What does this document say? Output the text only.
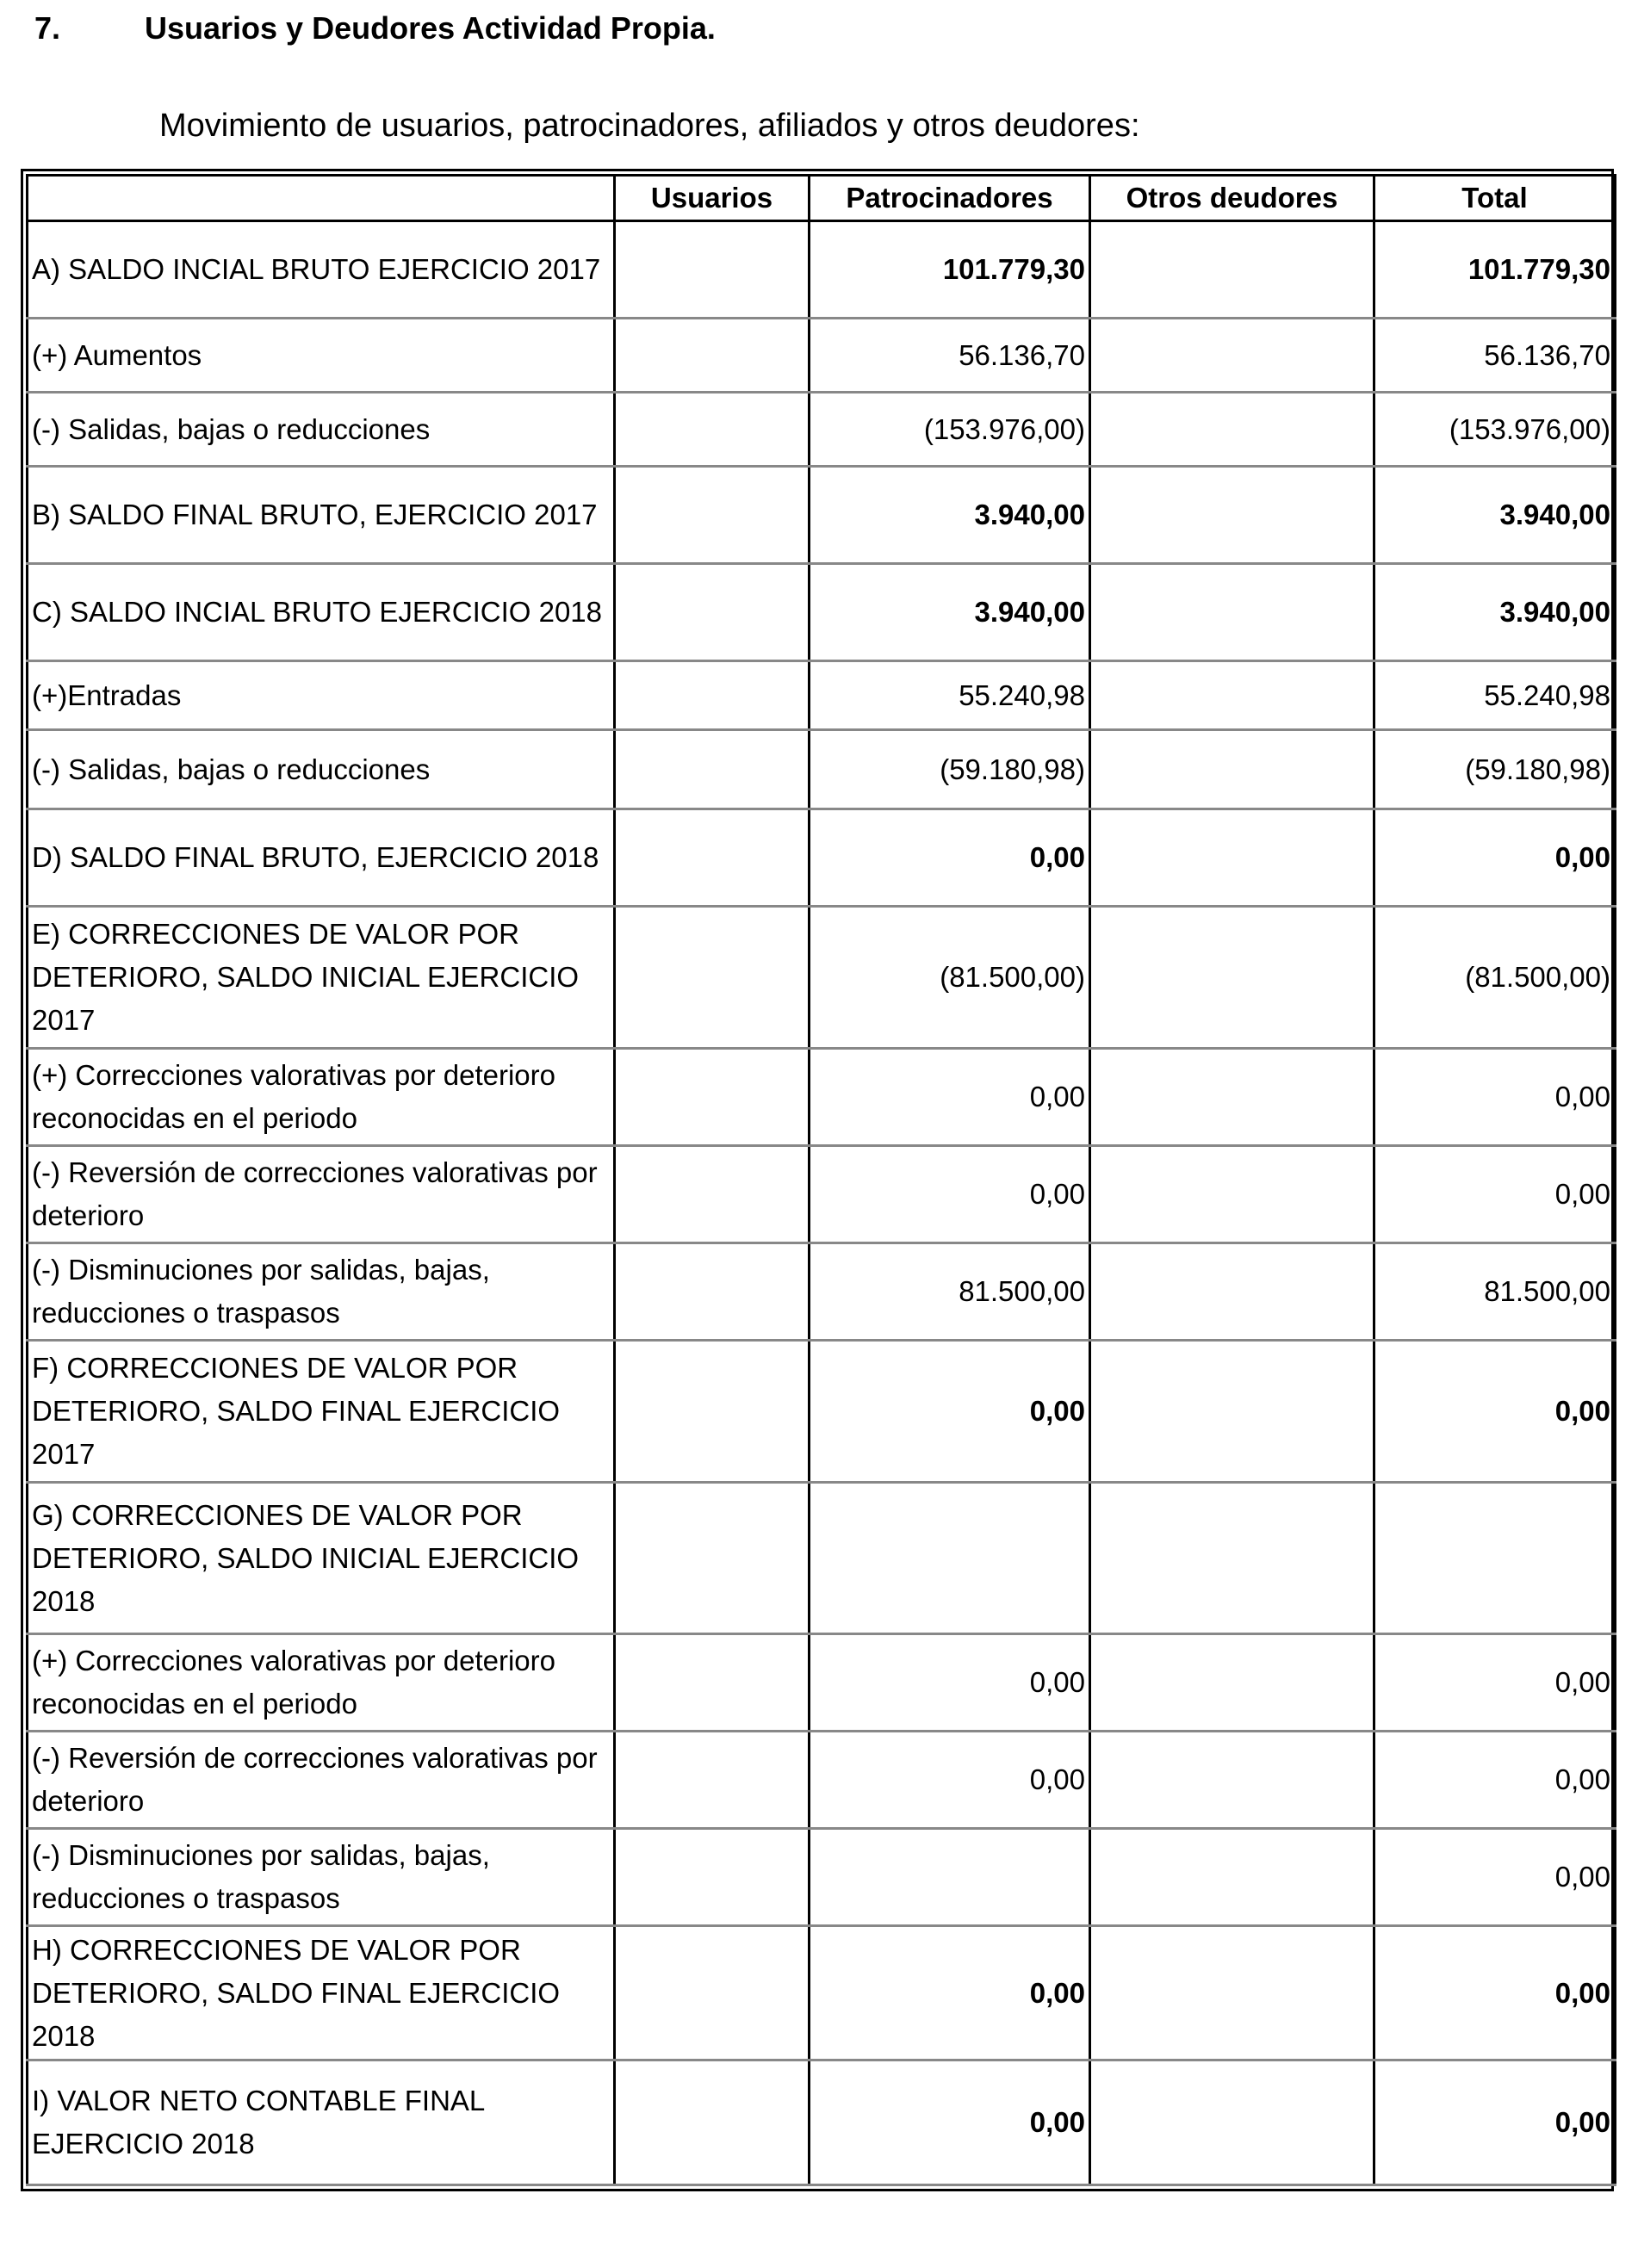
7.	Usuarios y Deudores Actividad Propia.
Movimiento de usuarios, patrocinadores, afiliados y otros deudores:
	Usuarios	Patrocinadores	Otros deudores	Total
A) SALDO INCIAL BRUTO EJERCICIO 2017		101.779,30		101.779,30
(+) Aumentos		56.136,70		56.136,70
(-) Salidas, bajas o reducciones		(153.976,00)		(153.976,00)
B) SALDO FINAL BRUTO, EJERCICIO 2017		3.940,00		3.940,00
C) SALDO INCIAL BRUTO EJERCICIO 2018		3.940,00		3.940,00
(+)Entradas		55.240,98		55.240,98
(-) Salidas, bajas o reducciones		(59.180,98)		(59.180,98)
D) SALDO FINAL BRUTO, EJERCICIO 2018		0,00		0,00
E) CORRECCIONES DE VALOR POR DETERIORO, SALDO INICIAL EJERCICIO 2017		(81.500,00)		(81.500,00)
(+) Correcciones valorativas por deterioro reconocidas en el periodo		0,00		0,00
(-) Reversión de correcciones valorativas por deterioro		0,00		0,00
(-) Disminuciones por salidas, bajas, reducciones o traspasos		81.500,00		81.500,00
F) CORRECCIONES DE VALOR POR DETERIORO, SALDO FINAL EJERCICIO 2017		0,00		0,00
G) CORRECCIONES DE VALOR POR DETERIORO, SALDO INICIAL EJERCICIO 2018				
(+) Correcciones valorativas por deterioro reconocidas en el periodo		0,00		0,00
(-) Reversión de correcciones valorativas por deterioro		0,00		0,00
(-) Disminuciones por salidas, bajas, reducciones o traspasos				0,00
H) CORRECCIONES DE VALOR POR DETERIORO, SALDO FINAL EJERCICIO 2018		0,00		0,00
I) VALOR NETO CONTABLE FINAL EJERCICIO 2018		0,00		0,00
